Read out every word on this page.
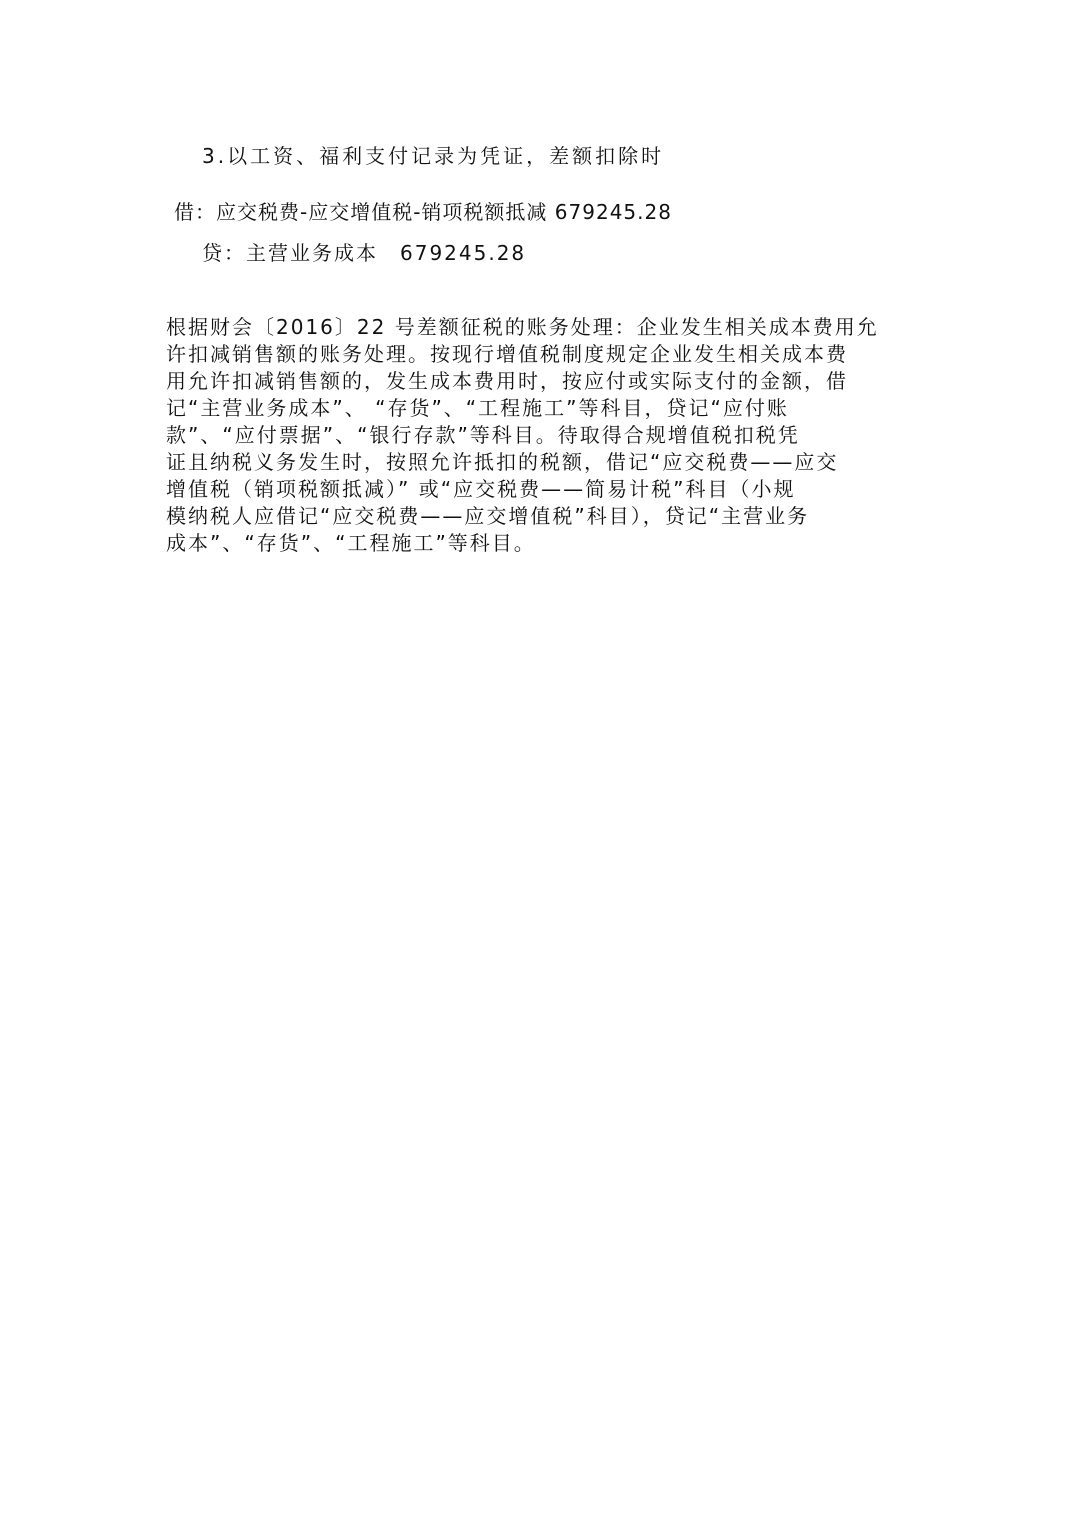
3.以工资、福利支付记录为凭证，差额扣除时
借：应交税费-应交增值税-销项税额抵减 679245.28
贷：主营业务成本　679245.28
根据财会〔2016〕22 号差额征税的账务处理：企业发生相关成本费用允
许扣减销售额的账务处理。按现行增值税制度规定企业发生相关成本费
用允许扣减销售额的，发生成本费用时，按应付或实际支付的金额，借
记“主营业务成本”、 “存货”、“工程施工”等科目，贷记“应付账
款”、“应付票据”、“银行存款”等科目。待取得合规增值税扣税凭
证且纳税义务发生时，按照允许抵扣的税额，借记“应交税费——应交
增值税（销项税额抵减）” 或“应交税费——简易计税”科目（小规
模纳税人应借记“应交税费——应交增值税”科目），贷记“主营业务
成本”、“存货”、“工程施工”等科目。
